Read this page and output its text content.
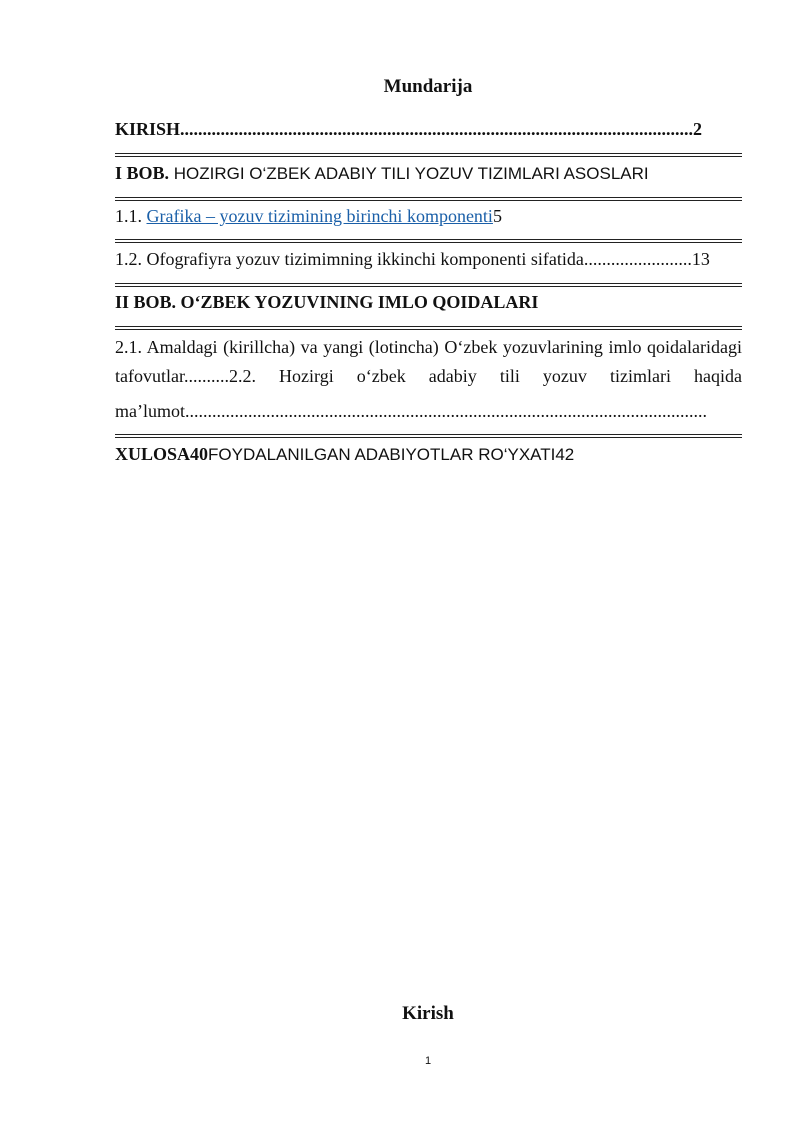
Mundarija
KIRISH..................................................................................................................2
I BOB. HOZIRGI O‘ZBEK ADABIY TILI YOZUV TIZIMLARI ASOSLARI
1.1. Grafika – yozuv tizimining birinchi komponenti5
1.2. Ofografiyra yozuv tizimimning ikkinchi komponenti sifatida........................13
II BOB. O‘ZBEK YOZUVINING IMLO QOIDALARI
2.1. Amaldagi (kirillcha) va yangi (lotincha) O‘zbek yozuvlarining imlo qoidalaridagi tafovutlar..........2.2. Hozirgi o‘zbek adabiy tili yozuv tizimlari haqida
ma’lumot....................................................................................................................
XULOSA40FOYDALANILGAN ADABIYOTLAR RO‘YXATI42
Kirish
1
